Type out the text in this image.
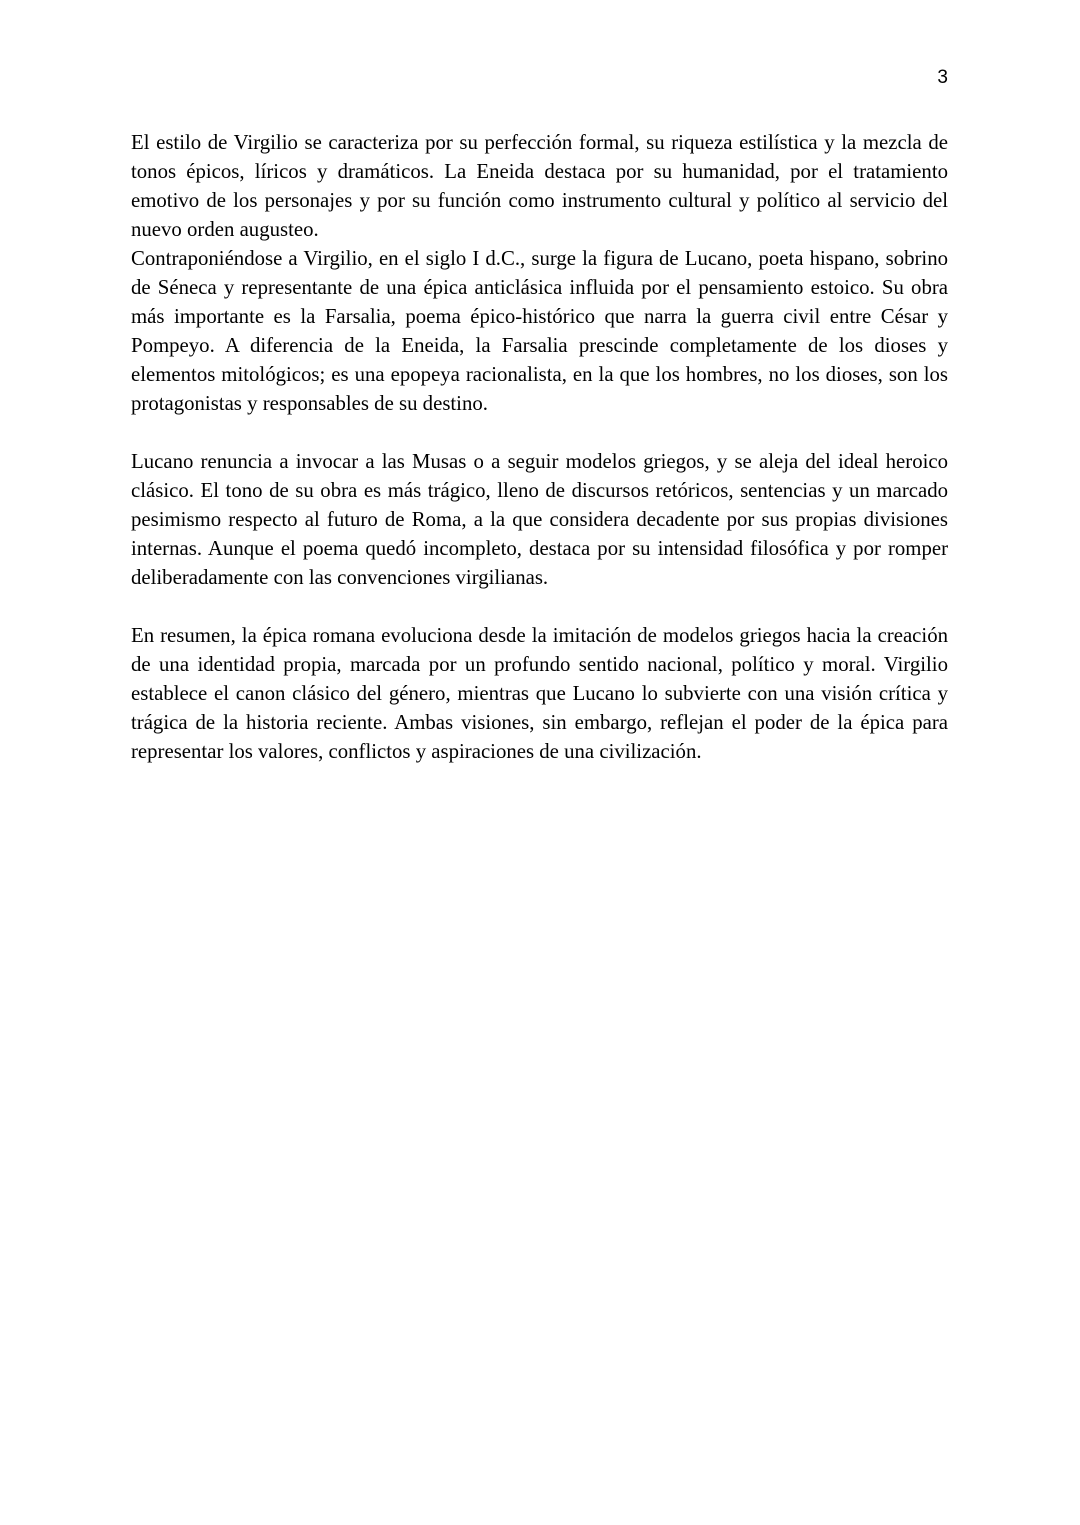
3

El estilo de Virgilio se caracteriza por su perfección formal, su riqueza estilística y la mezcla de tonos épicos, líricos y dramáticos. La Eneida destaca por su humanidad, por el tratamiento emotivo de los personajes y por su función como instrumento cultural y político al servicio del nuevo orden augusteo.

Contraponiéndose a Virgilio, en el siglo I d.C., surge la figura de Lucano, poeta hispano, sobrino de Séneca y representante de una épica anticlásica influida por el pensamiento estoico. Su obra más importante es la Farsalia, poema épico-histórico que narra la guerra civil entre César y Pompeyo. A diferencia de la Eneida, la Farsalia prescinde completamente de los dioses y elementos mitológicos; es una epopeya racionalista, en la que los hombres, no los dioses, son los protagonistas y responsables de su destino.

Lucano renuncia a invocar a las Musas o a seguir modelos griegos, y se aleja del ideal heroico clásico. El tono de su obra es más trágico, lleno de discursos retóricos, sentencias y un marcado pesimismo respecto al futuro de Roma, a la que considera decadente por sus propias divisiones internas. Aunque el poema quedó incompleto, destaca por su intensidad filosófica y por romper deliberadamente con las convenciones virgilianas.

En resumen, la épica romana evoluciona desde la imitación de modelos griegos hacia la creación de una identidad propia, marcada por un profundo sentido nacional, político y moral. Virgilio establece el canon clásico del género, mientras que Lucano lo subvierte con una visión crítica y trágica de la historia reciente. Ambas visiones, sin embargo, reflejan el poder de la épica para representar los valores, conflictos y aspiraciones de una civilización.
